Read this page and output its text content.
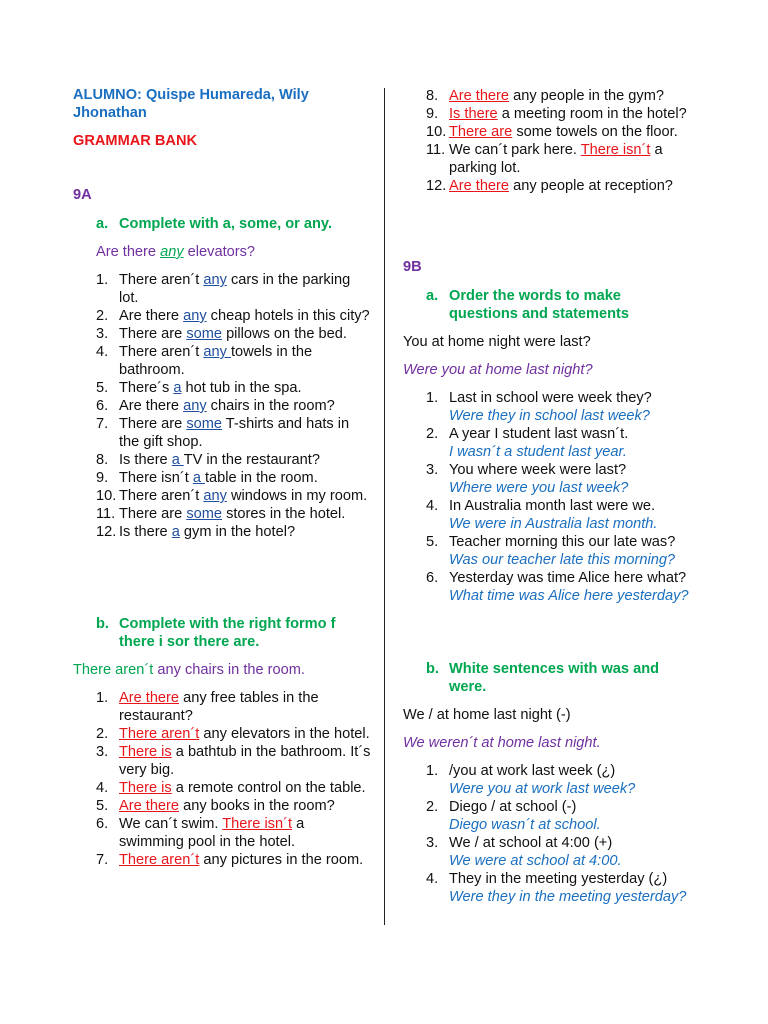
ALUMNO: Quispe Humareda, Wily
Jhonathan
GRAMMAR BANK
9A
a. Complete with a, some, or any.
Are there any elevators?
1. There aren´t any cars in the parking lot.
2. Are there any cheap hotels in this city?
3. There are some pillows on the bed.
4. There aren´t any towels in the bathroom.
5. There´s a hot tub in the spa.
6. Are there any chairs in the room?
7. There are some T-shirts and hats in the gift shop.
8. Is there a TV in the restaurant?
9. There isn´t a table in the room.
10. There aren´t any windows in my room.
11. There are some stores in the hotel.
12. Is there a gym in the hotel?
b. Complete with the right formo f there i sor there are.
There aren´t any chairs in the room.
1. Are there any free tables in the restaurant?
2. There aren´t any elevators in the hotel.
3. There is a bathtub in the bathroom. It´s very big.
4. There is a remote control on the table.
5. Are there any books in the room?
6. We can´t swim. There isn´t a swimming pool in the hotel.
7. There aren´t any pictures in the room.
8. Are there any people in the gym?
9. Is there a meeting room in the hotel?
10. There are some towels on the floor.
11. We can´t park here. There isn´t a parking lot.
12. Are there any people at reception?
9B
a. Order the words to make questions and statements
You at home night were last?
Were you at home last night?
1. Last in school were week they?
Were they in school last week?
2. A year I student last wasn´t.
I wasn´t a student last year.
3. You where week were last?
Where were you last week?
4. In Australia month last were we.
We were in Australia last month.
5. Teacher morning this our late was?
Was our teacher late this morning?
6. Yesterday was time Alice here what?
What time was Alice here yesterday?
b. White sentences with was and were.
We / at home last night (-)
We weren´t at home last night.
1. /you at work last week (¿)
Were you at work last week?
2. Diego / at school (-)
Diego wasn´t at school.
3. We / at school at 4:00 (+)
We were at school at 4:00.
4. They in the meeting yesterday (¿)
Were they in the meeting yesterday?
